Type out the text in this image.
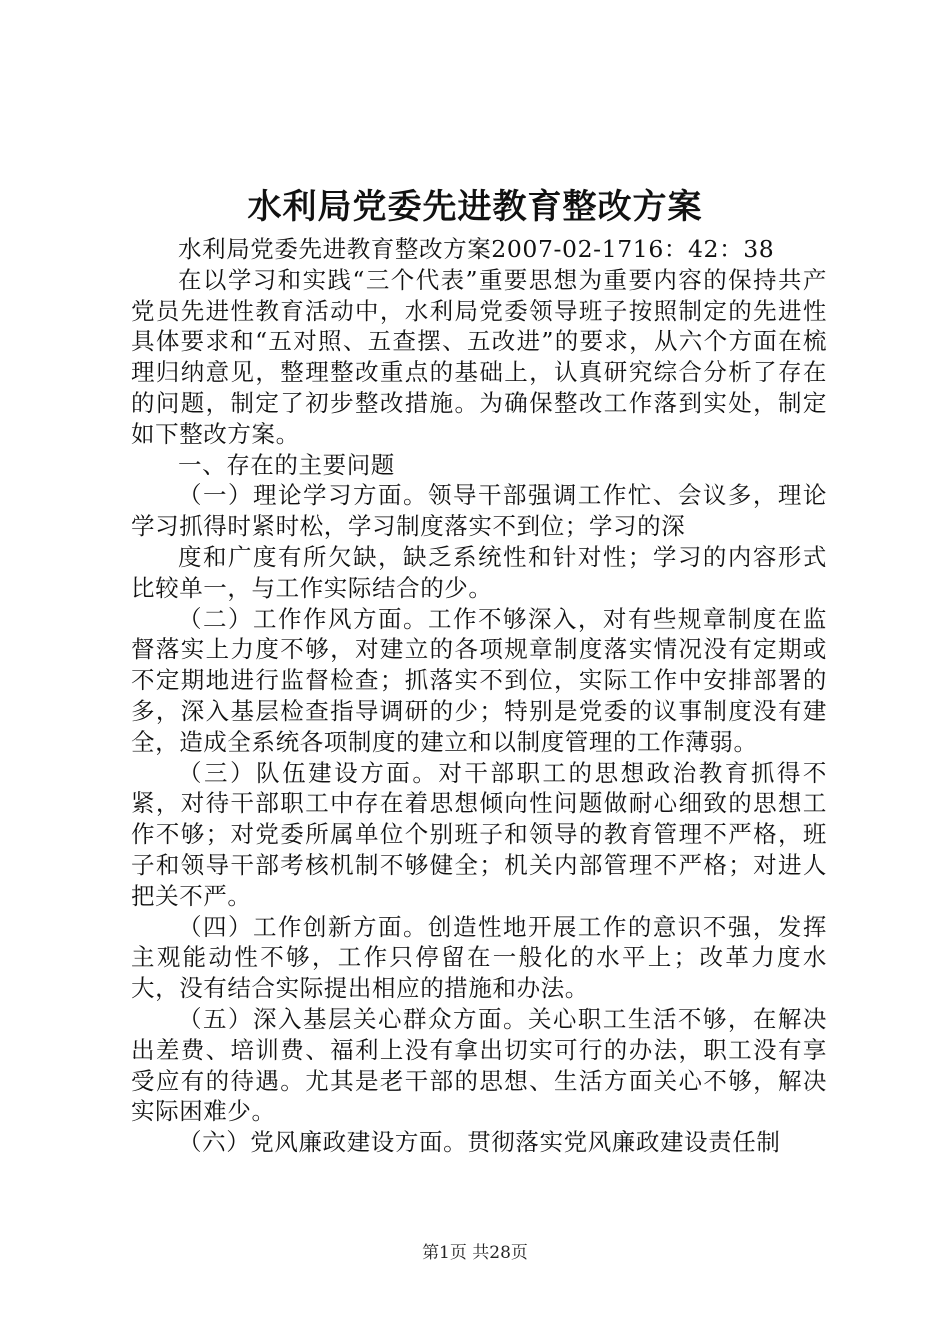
水利局党委先进教育整改方案

水利局党委先进教育整改方案2007-02-1716：42：38

在以学习和实践“三个代表”重要思想为重要内容的保持共产党员先进性教育活动中，水利局党委领导班子按照制定的先进性具体要求和“五对照、五查摆、五改进”的要求，从六个方面在梳理归纳意见，整理整改重点的基础上，认真研究综合分析了存在的问题，制定了初步整改措施。为确保整改工作落到实处，制定如下整改方案。

一、存在的主要问题

（一）理论学习方面。领导干部强调工作忙、会议多，理论学习抓得时紧时松，学习制度落实不到位；学习的深

度和广度有所欠缺，缺乏系统性和针对性；学习的内容形式比较单一，与工作实际结合的少。

（二）工作作风方面。工作不够深入，对有些规章制度在监督落实上力度不够，对建立的各项规章制度落实情况没有定期或不定期地进行监督检查；抓落实不到位，实际工作中安排部署的多，深入基层检查指导调研的少；特别是党委的议事制度没有建全，造成全系统各项制度的建立和以制度管理的工作薄弱。

（三）队伍建设方面。对干部职工的思想政治教育抓得不紧，对待干部职工中存在着思想倾向性问题做耐心细致的思想工作不够；对党委所属单位个别班子和领导的教育管理不严格，班子和领导干部考核机制不够健全；机关内部管理不严格；对进人把关不严。

（四）工作创新方面。创造性地开展工作的意识不强，发挥主观能动性不够，工作只停留在一般化的水平上；改革力度水大，没有结合实际提出相应的措施和办法。

（五）深入基层关心群众方面。关心职工生活不够，在解决出差费、培训费、福利上没有拿出切实可行的办法，职工没有享受应有的待遇。尤其是老干部的思想、生活方面关心不够，解决实际困难少。

（六）党风廉政建设方面。贯彻落实党风廉政建设责任制

第1页 共28页
